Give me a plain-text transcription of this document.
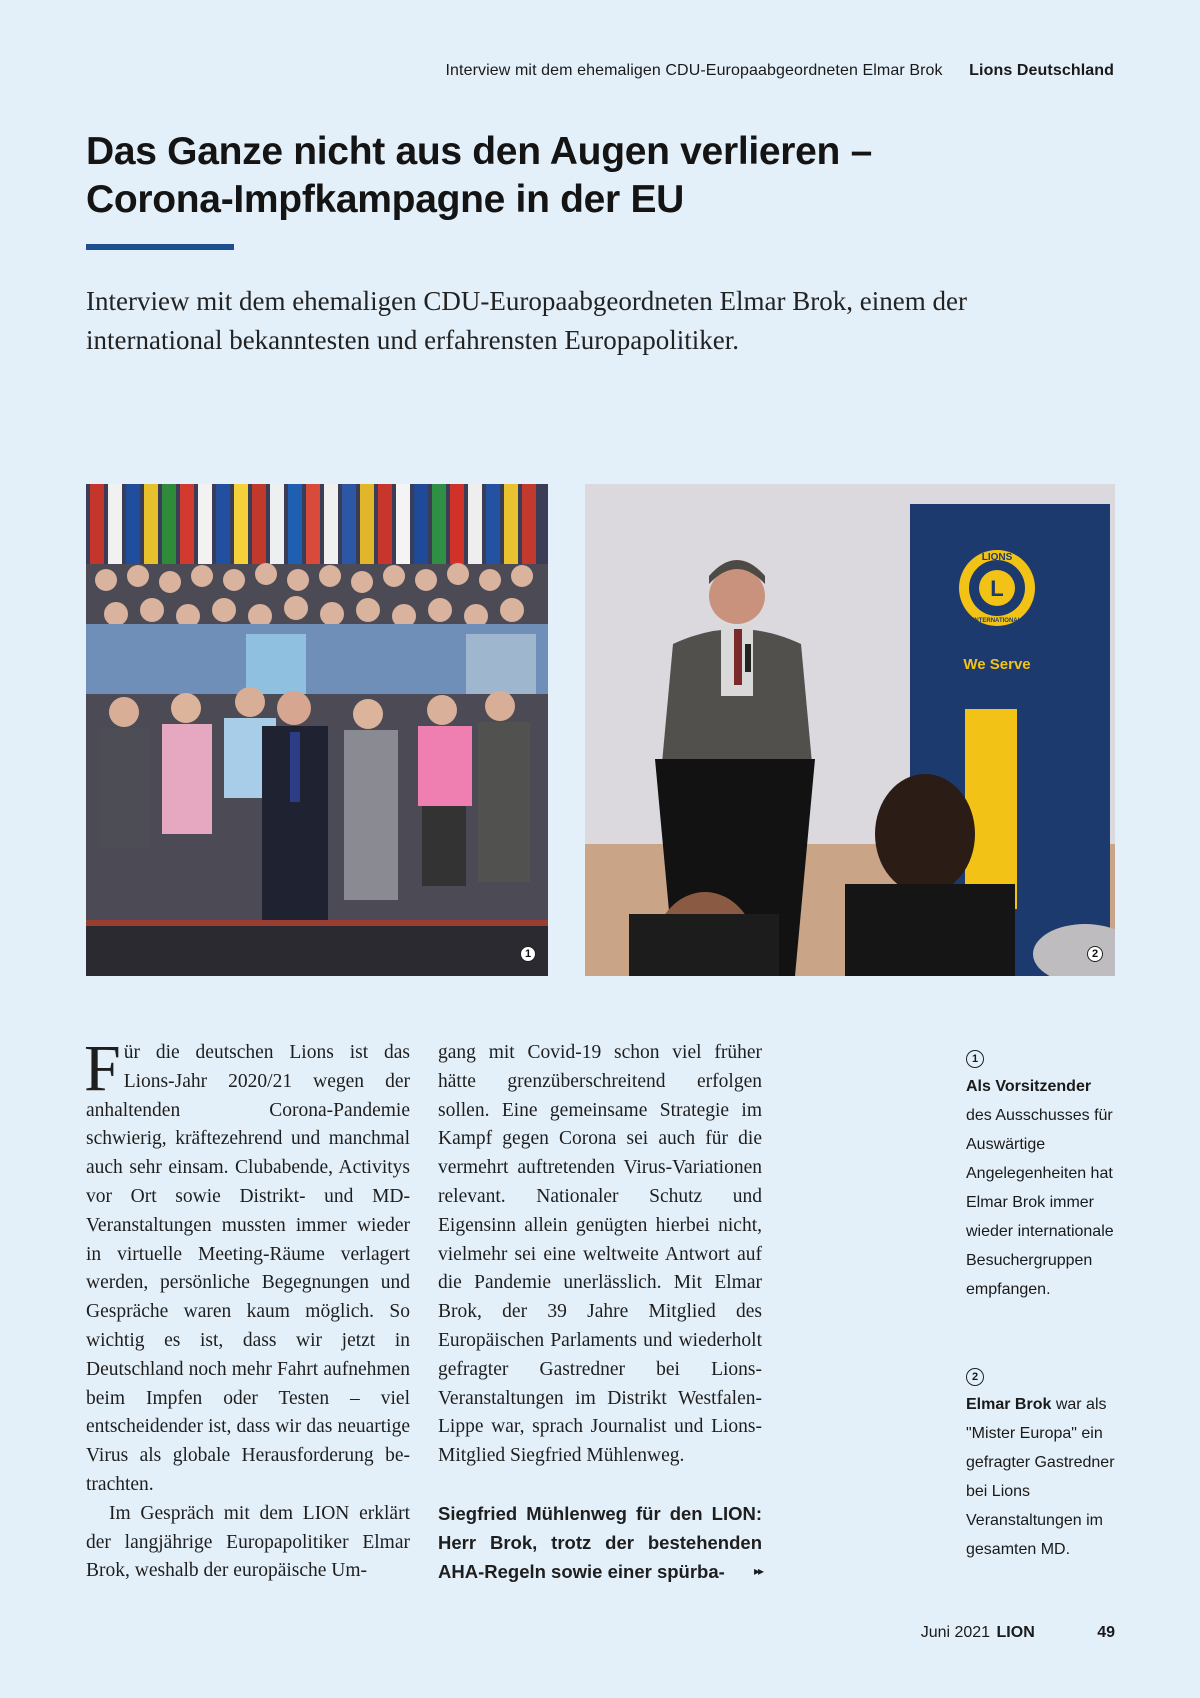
Interview mit dem ehemaligen CDU-Europaabgeordneten Elmar Brok Lions Deutschland
Das Ganze nicht aus den Augen verlieren –
Corona-Impfkampagne in der EU
Interview mit dem ehemaligen CDU-Europaabgeordneten Elmar Brok, einem der international bekanntesten und erfahrensten Europapolitiker.
1
L
LIONS
INTERNATIONAL
We Serve
2

Für die deutschen Lions ist das Lions-Jahr 2020/21 wegen der anhaltenden Corona-Pandemie schwierig, kräftezehrend und manchmal auch sehr einsam. Clubabende, Activitys vor Ort sowie Distrikt- und MD-Veranstaltungen mussten immer wieder in virtuelle Meeting-Räume verlagert werden, persönliche Begegnungen und Gespräche waren kaum möglich. So wichtig es ist, dass wir jetzt in Deutschland noch mehr Fahrt aufnehmen beim Impfen oder Testen – viel entscheidender ist, dass wir das neuartige Virus als globale Herausforderung betrachten.

Im Gespräch mit dem LION erklärt der langjährige Europapolitiker Elmar Brok, weshalb der europäische Um-

gang mit Covid-19 schon viel früher hätte grenzüberschreitend erfolgen sollen. Eine gemeinsame Strategie im Kampf gegen Corona sei auch für die vermehrt auftretenden Virus-Variationen relevant. Nationaler Schutz und Eigensinn allein genügten hierbei nicht, vielmehr sei eine weltweite Antwort auf die Pandemie unerlässlich. Mit Elmar Brok, der 39 Jahre Mitglied des Europäischen Parlaments und wiederholt gefragter Gastredner bei Lions-Veranstaltungen im Distrikt Westfalen-Lippe war, sprach Journalist und Lions-Mitglied Siegfried Mühlenweg.

Siegfried Mühlenweg für den LION: Herr Brok, trotz der bestehenden AHA-Regeln sowie einer spürba- ▸▸

1
Als Vorsitzender
des Ausschusses für Auswärtige Angelegenheiten hat Elmar Brok immer wieder internationale Besuchergruppen empfangen.
2
Elmar Brok war als "Mister Europa" ein gefragter Gastredner bei Lions Veranstaltungen im gesamten MD.
Juni 2021 LION	49
